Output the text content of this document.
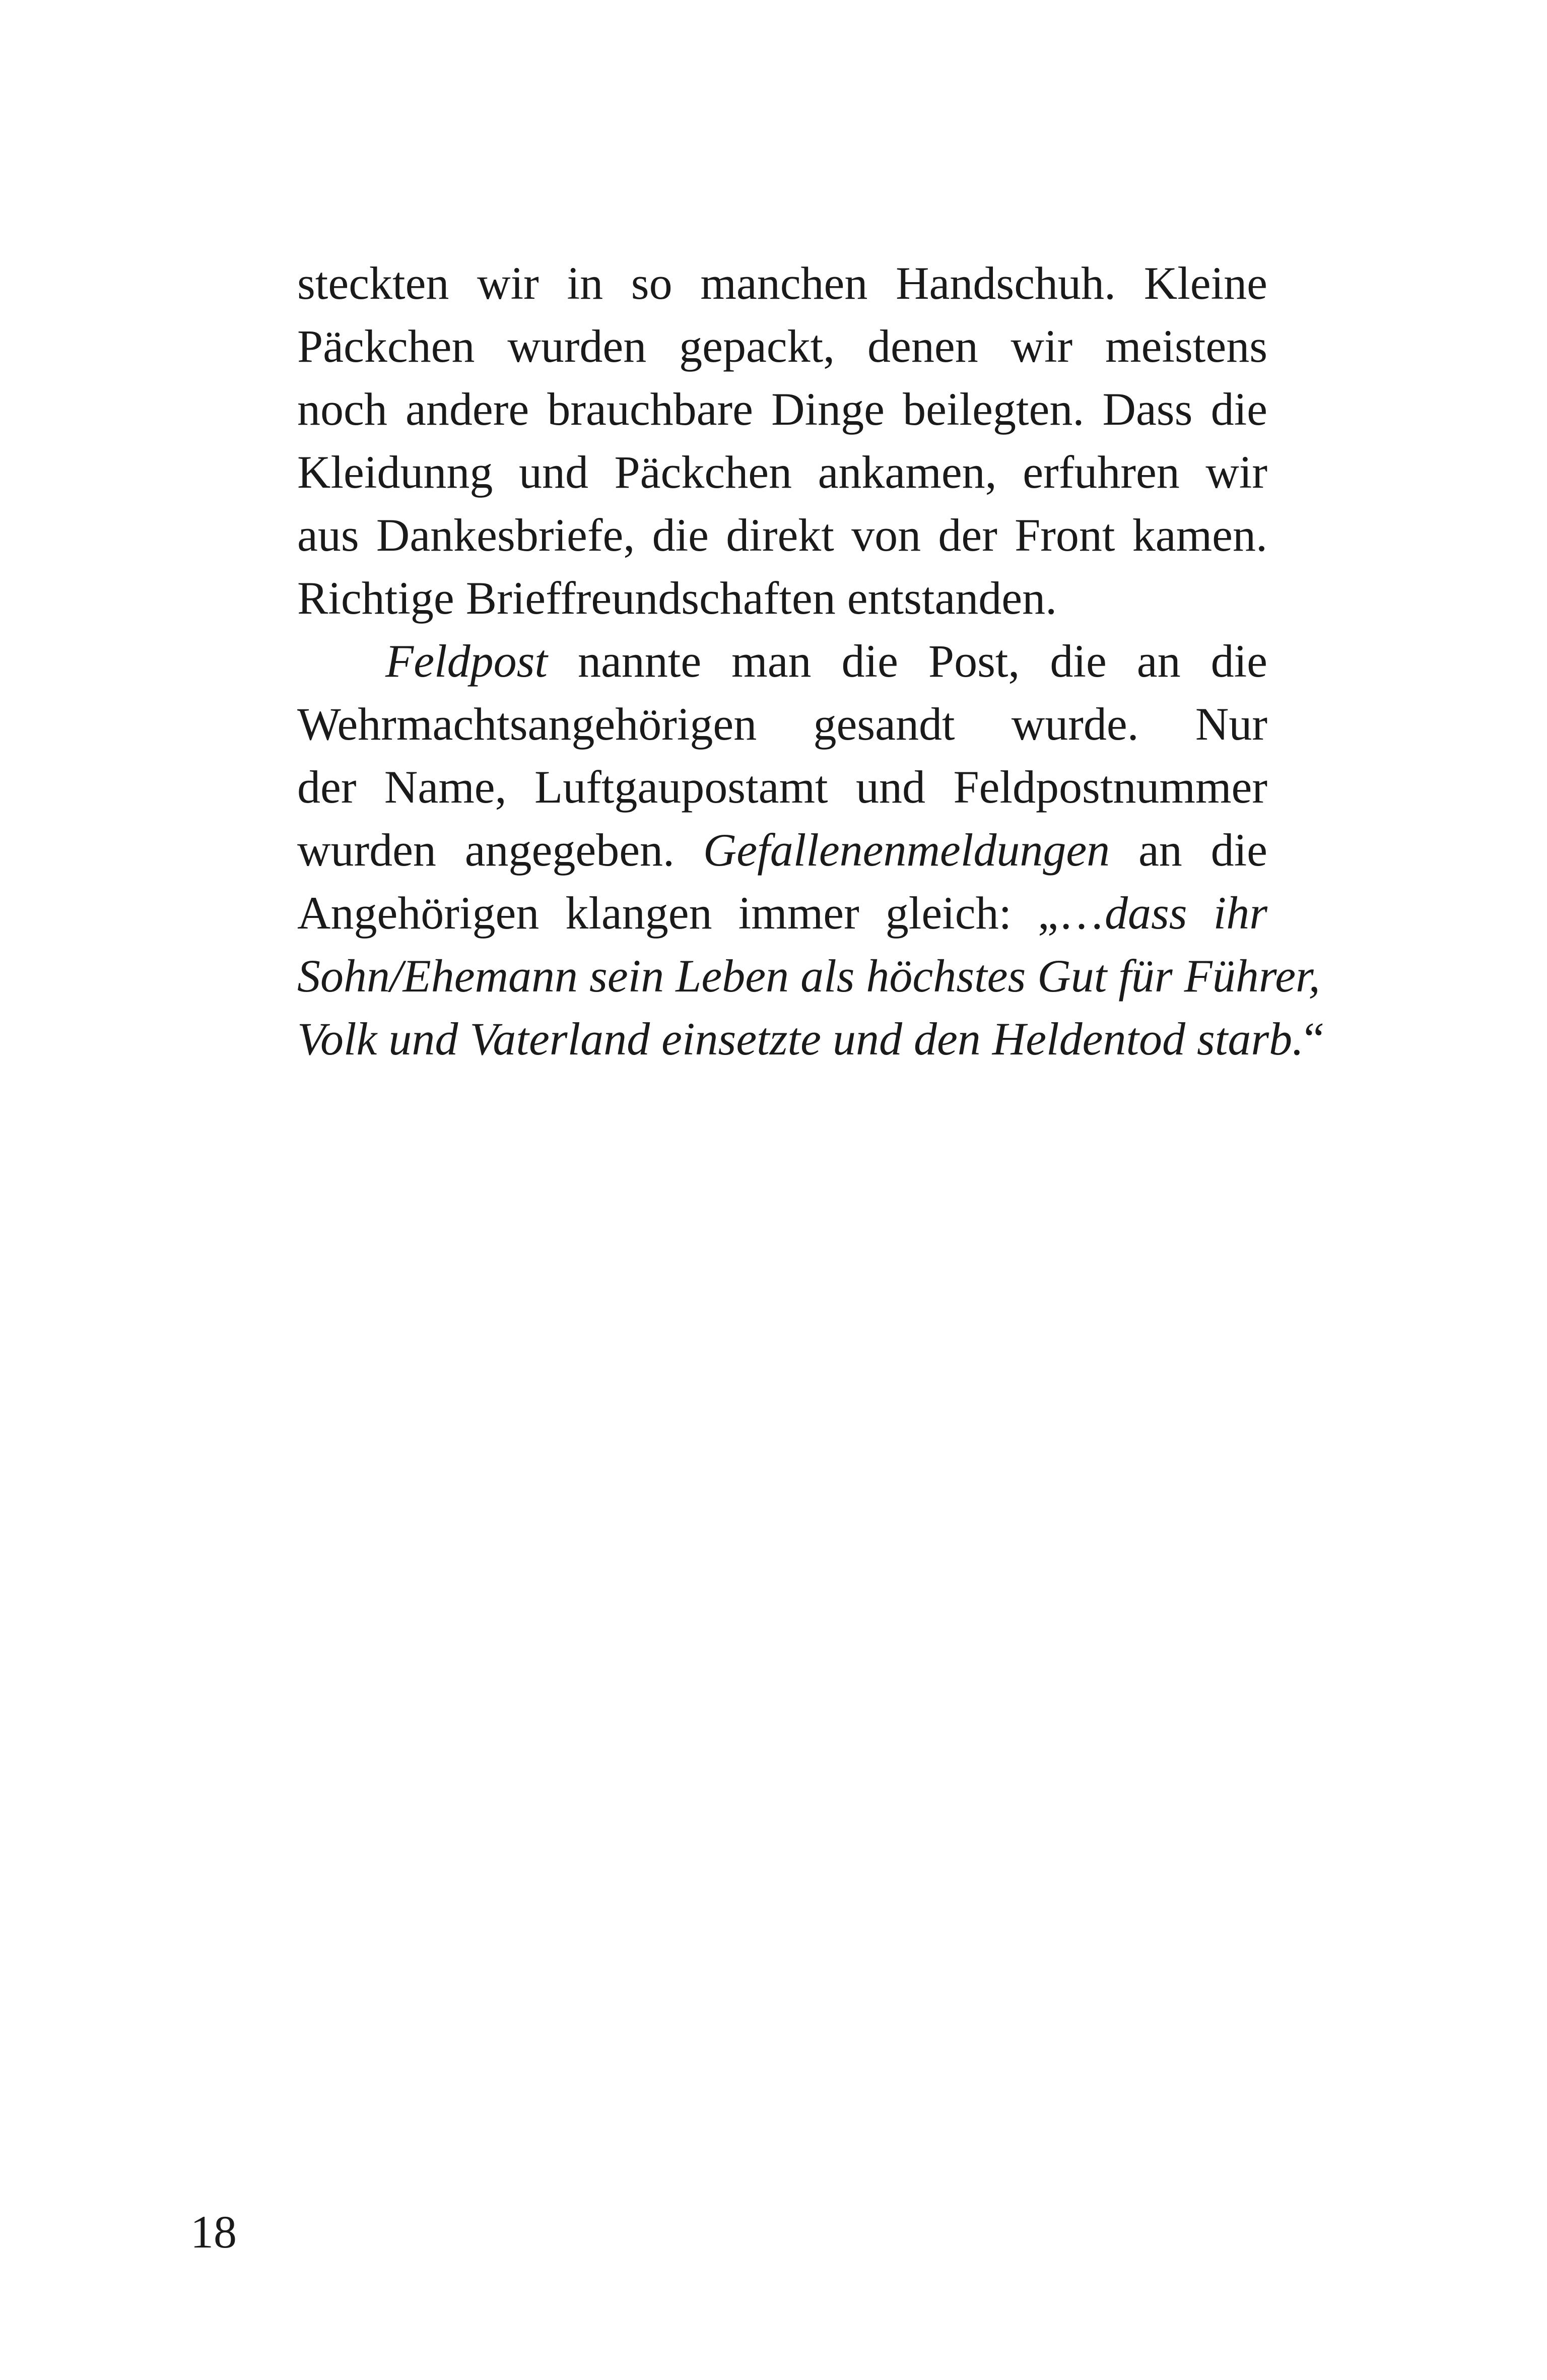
steckten wir in so manchen Handschuh. Kleine
Päckchen wurden gepackt, denen wir meistens
noch andere brauchbare Dinge beilegten. Dass die
Kleidunng und Päckchen ankamen, erfuhren wir
aus Dankesbriefe, die direkt von der Front kamen.
Richtige Brieffreundschaften entstanden.
Feldpost nannte man die Post, die an die
Wehrmachtsangehörigen gesandt wurde. Nur
der Name, Luftgaupostamt und Feldpostnummer
wurden angegeben. Gefallenenmeldungen an die
Angehörigen klangen immer gleich: „…dass ihr
Sohn/Ehemann sein Leben als höchstes Gut für Führer,
Volk und Vaterland einsetzte und den Heldentod starb.“
18
